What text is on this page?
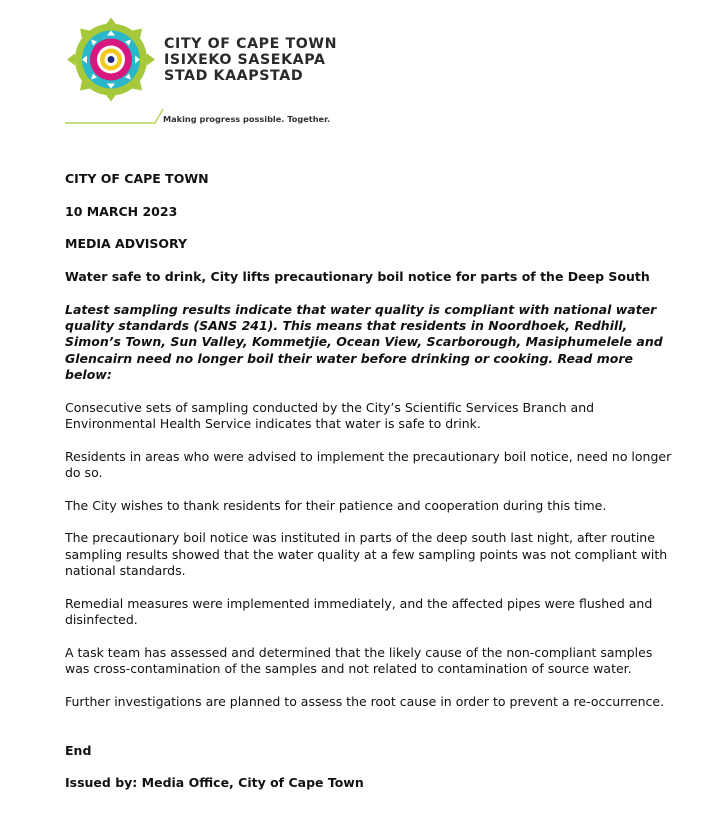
CITY OF CAPE TOWN
ISIXEKO SASEKAPA
STAD KAAPSTAD
Making progress possible. Together.

CITY OF CAPE TOWN

10 MARCH 2023

MEDIA ADVISORY

Water safe to drink, City lifts precautionary boil notice for parts of the Deep South

Latest sampling results indicate that water quality is compliant with national water quality standards (SANS 241). This means that residents in Noordhoek, Redhill, Simon’s Town, Sun Valley, Kommetjie, Ocean View, Scarborough, Masiphumelele and Glencairn need no longer boil their water before drinking or cooking. Read more below:

Consecutive sets of sampling conducted by the City’s Scientific Services Branch and Environmental Health Service indicates that water is safe to drink.

Residents in areas who were advised to implement the precautionary boil notice, need no longer do so.

The City wishes to thank residents for their patience and cooperation during this time.

The precautionary boil notice was instituted in parts of the deep south last night, after routine sampling results showed that the water quality at a few sampling points was not compliant with national standards.

Remedial measures were implemented immediately, and the affected pipes were flushed and disinfected.

A task team has assessed and determined that the likely cause of the non-compliant samples was cross-contamination of the samples and not related to contamination of source water.

Further investigations are planned to assess the root cause in order to prevent a re-occurrence.

End

Issued by: Media Office, City of Cape Town
